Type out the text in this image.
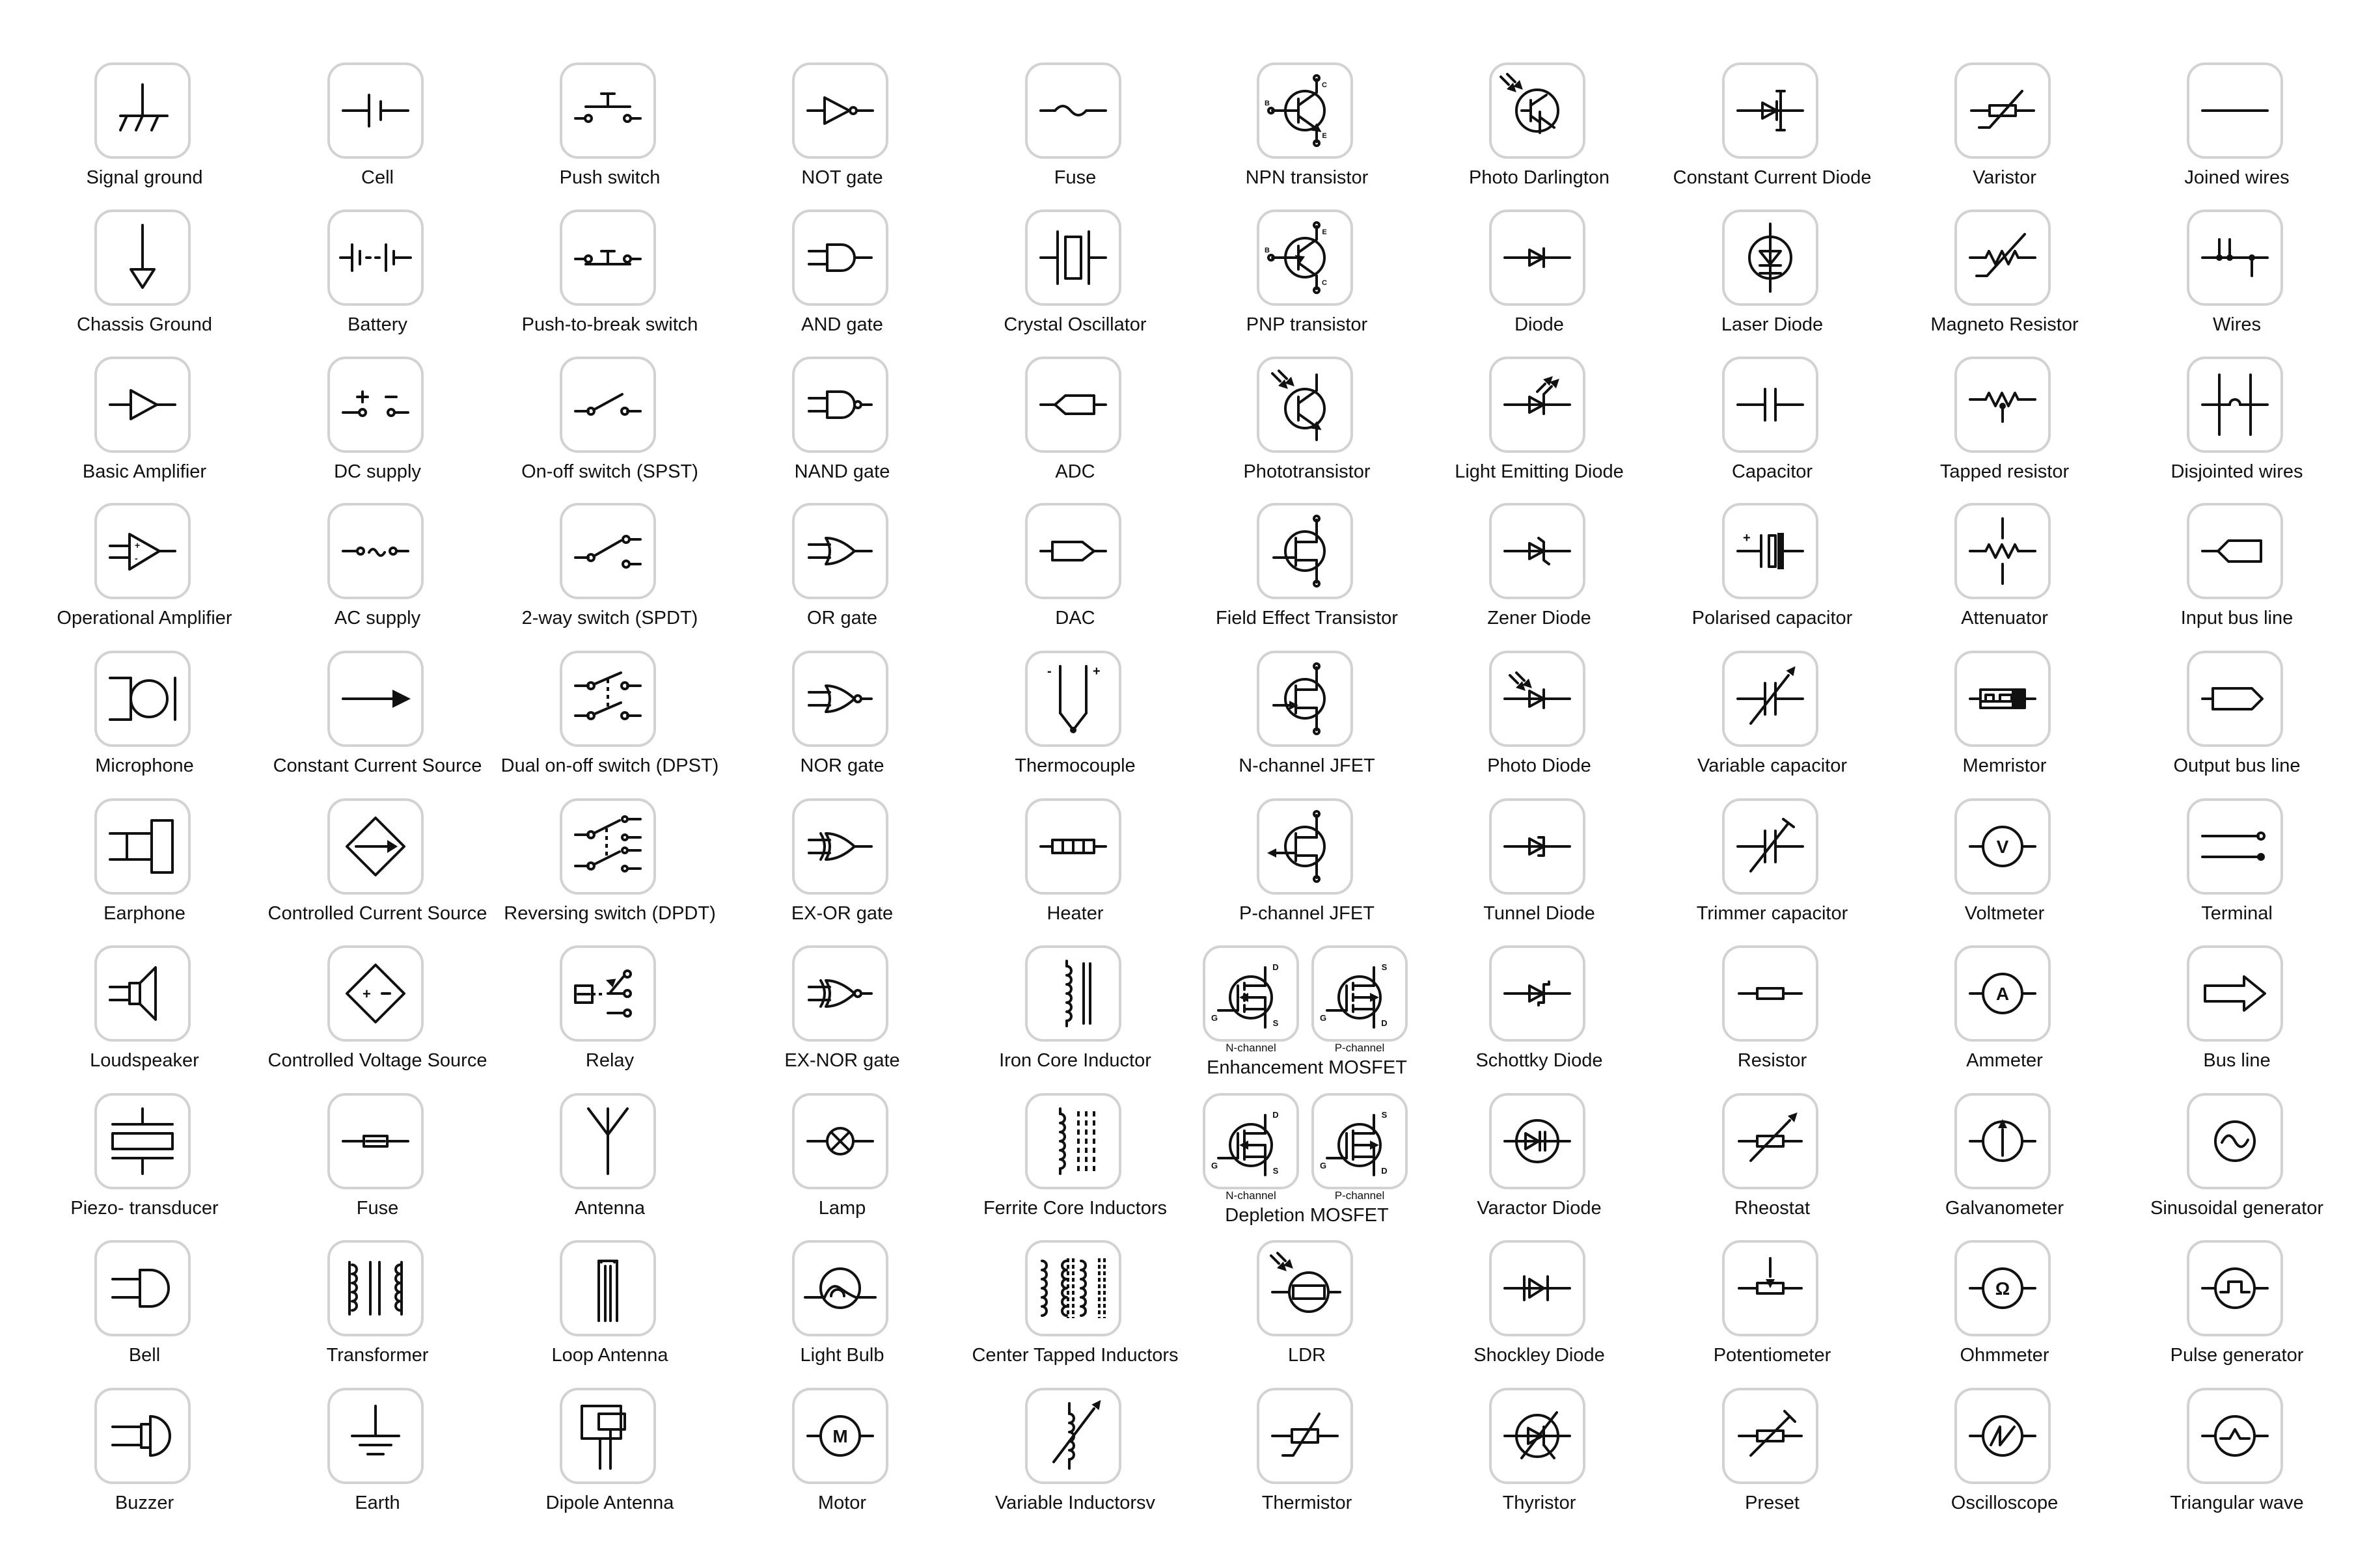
Signal ground
Chassis Ground
Basic Amplifier
+
-
Operational Amplifier
Microphone
Earphone
Loudspeaker
Piezo- transducer
Bell
Buzzer
Cell
Battery
DC supply
AC supply
Constant Current Source
Controlled Current Source
+
Controlled Voltage Source
Fuse
Transformer
Earth
Push switch
Push-to-break switch
On-off switch (SPST)
2-way switch (SPDT)
Dual on-off switch (DPST)
Reversing switch (DPDT)
Relay
Antenna
Loop Antenna
Dipole Antenna
NOT gate
AND gate
NAND gate
OR gate
NOR gate
EX-OR gate
EX-NOR gate
Lamp
Light Bulb
M
Motor
Fuse
Crystal Oscillator
ADC
DAC
-	+
Thermocouple
Heater
Iron Core Inductor
Ferrite Core Inductors
Center Tapped Inductors
Variable Inductorsv
B
C
E
NPN transistor
B
E
C
PNP transistor
Phototransistor
Field Effect Transistor
N-channel JFET
P-channel JFET
LDR
Thermistor
Photo Darlington
Diode
Light Emitting Diode
Zener Diode
Photo Diode
Tunnel Diode
Schottky Diode
Varactor Diode
Shockley Diode
Thyristor
Constant Current Diode
Laser Diode
Capacitor
+
Polarised capacitor
Variable capacitor
Trimmer capacitor
Resistor
Rheostat
Potentiometer
Preset
Varistor
Magneto Resistor
Tapped resistor
Attenuator
Memristor
V
Voltmeter
A
Ammeter
Galvanometer
Ω
Ohmmeter
Oscilloscope
Joined wires
Wires
Disjointed wires
Input bus line
Output bus line
Terminal
Bus line
Sinusoidal generator
Pulse generator
Triangular wave
G
D
S
N-channel
G
S
D
P-channel
Enhancement MOSFET
G
D
S
N-channel
G
S
D
P-channel
Depletion MOSFET
